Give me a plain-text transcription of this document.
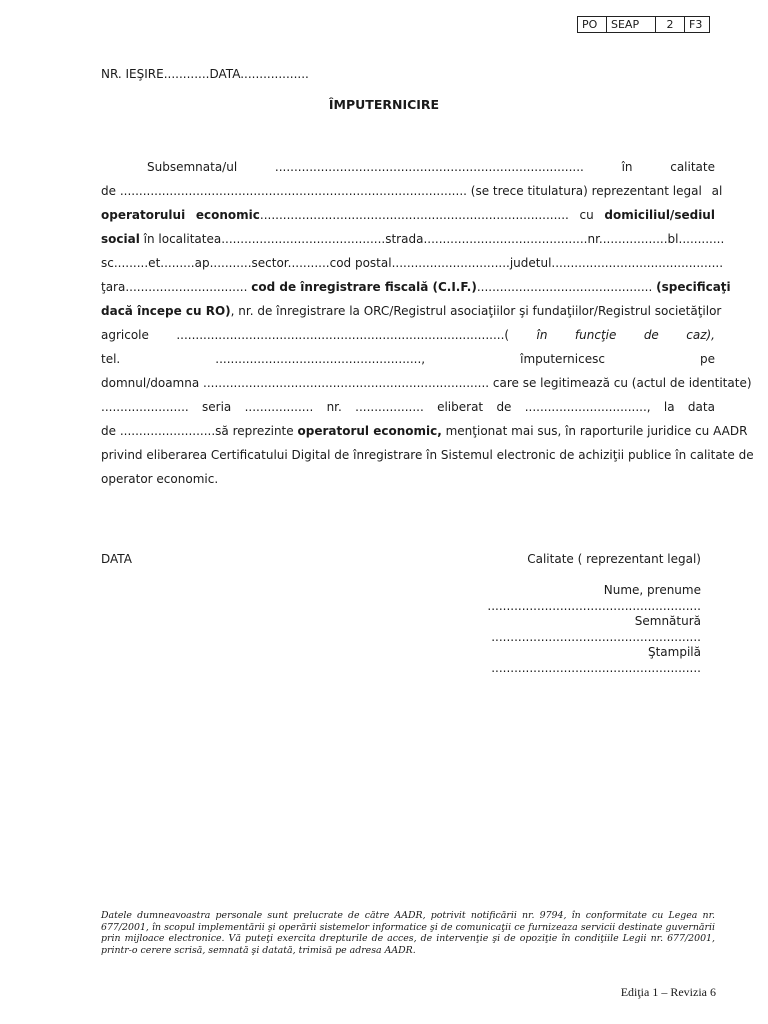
PO	SEAP	2	F3
NR. IEŞIRE............DATA..................
ÎMPUTERNICIRE
Subsemnata/ul	.................................................................................	în	calitate
de ........................................................................................... (se trece titulatura) reprezentant legal al
operatorului economic................................................................................. cu domiciliul/sediul
social în localitatea...........................................strada...........................................nr..................bl............
sc.........et.........ap...........sector...........cod postal...............................judetul.............................................
ţara................................ cod de înregistrare fiscală (C.I.F.).............................................. (specificaţi
dacă începe cu RO), nr. de înregistrare la ORC/Registrul asociaţiilor şi fundaţiilor/Registrul societăţilor
agricole ......................................................................................( în funcţie de caz),
tel.	......................................................,	împuternicesc	pe
domnul/doamna ........................................................................... care se legitimează cu (actul de identitate)
....................... seria .................. nr. .................. eliberat de ................................, la data
de .........................să reprezinte operatorul economic, menţionat mai sus, în raporturile juridice cu AADR
privind eliberarea Certificatului Digital de înregistrare în Sistemul electronic de achiziţii publice în calitate de
operator economic.
DATA	Calitate ( reprezentant legal)
Nume, prenume
........................................................
Semnătură
.......................................................
Ştampilă
.......................................................
Datele dumneavoastra personale sunt prelucrate de către AADR, potrivit notificării nr. 9794, în conformitate cu Legea nr. 677/2001, în scopul implementării şi operării sistemelor informatice şi de comunicaţii ce furnizeaza servicii destinate guvernării prin mijloace electronice. Vă puteţi exercita drepturile de acces, de intervenţie şi de opoziţie în condiţiile Legii nr. 677/2001, printr-o cerere scrisă, semnată şi datată, trimisă pe adresa AADR.
Ediţia 1 – Revizia 6
